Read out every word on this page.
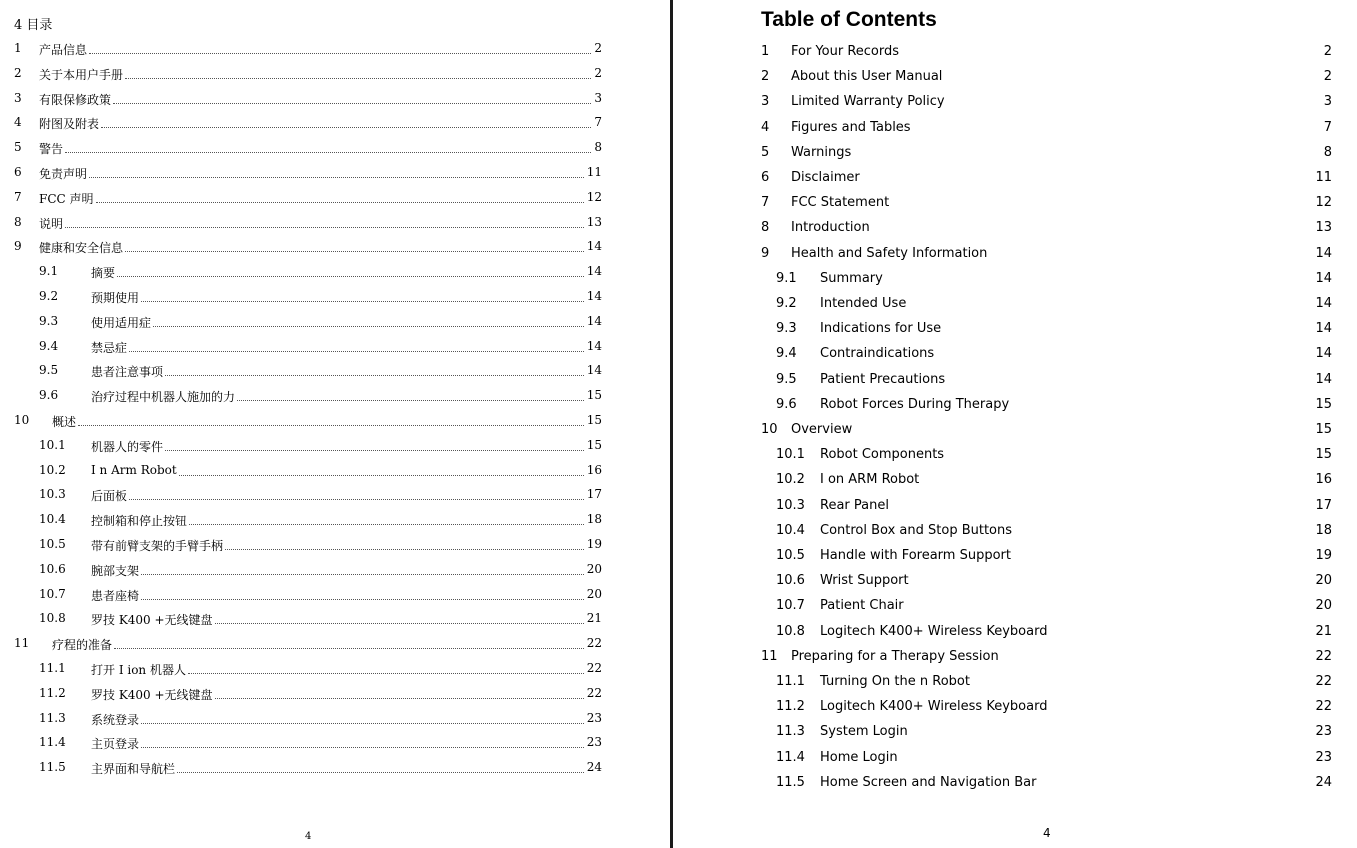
4 目录
1 产品信息	2
2 关于本用户手册	2
3 有限保修政策	3
4 附图及附表	7
5 警告	8
6 免责声明	11
7 FCC 声明	12
8 说明	13
9 健康和安全信息	14
9.1	摘要	14
9.2	预期使用	14
9.3	使用适用症	14
9.4	禁忌症	14
9.5	患者注意事项	14
9.6	治疗过程中机器人施加的力	15
10 概述	15
10.1 机器人的零件	15
10.2 I n Arm Robot	16
10.3 后面板	17
10.4 控制箱和停止按钮	18
10.5 带有前臂支架的手臂手柄	19
10.6 腕部支架	20
10.7 患者座椅	20
10.8 罗技 K400 +无线键盘	21
11 疗程的准备	22
11.1 打开 I ion 机器人	22
11.2 罗技 K400 +无线键盘	22
11.3 系统登录	23
11.4 主页登录	23
11.5 主界面和导航栏	24
4
Table of Contents
1 For Your Records	2
2 About this User Manual	2
3 Limited Warranty Policy	3
4 Figures and Tables	7
5 Warnings	8
6 Disclaimer	11
7 FCC Statement	12
8 Introduction	13
9 Health and Safety Information	14
9.1 Summary	14
9.2 Intended Use	14
9.3 Indications for Use	14
9.4 Contraindications	14
9.5 Patient Precautions	14
9.6 Robot Forces During Therapy	15
10 Overview	15
10.1 Robot Components	15
10.2 I on ARM Robot	16
10.3 Rear Panel	17
10.4 Control Box and Stop Buttons	18
10.5 Handle with Forearm Support	19
10.6 Wrist Support	20
10.7 Patient Chair	20
10.8 Logitech K400+ Wireless Keyboard	21
11 Preparing for a Therapy Session	22
11.1 Turning On the n Robot	22
11.2 Logitech K400+ Wireless Keyboard	22
11.3 System Login	23
11.4 Home Login	23
11.5 Home Screen and Navigation Bar	24
4
